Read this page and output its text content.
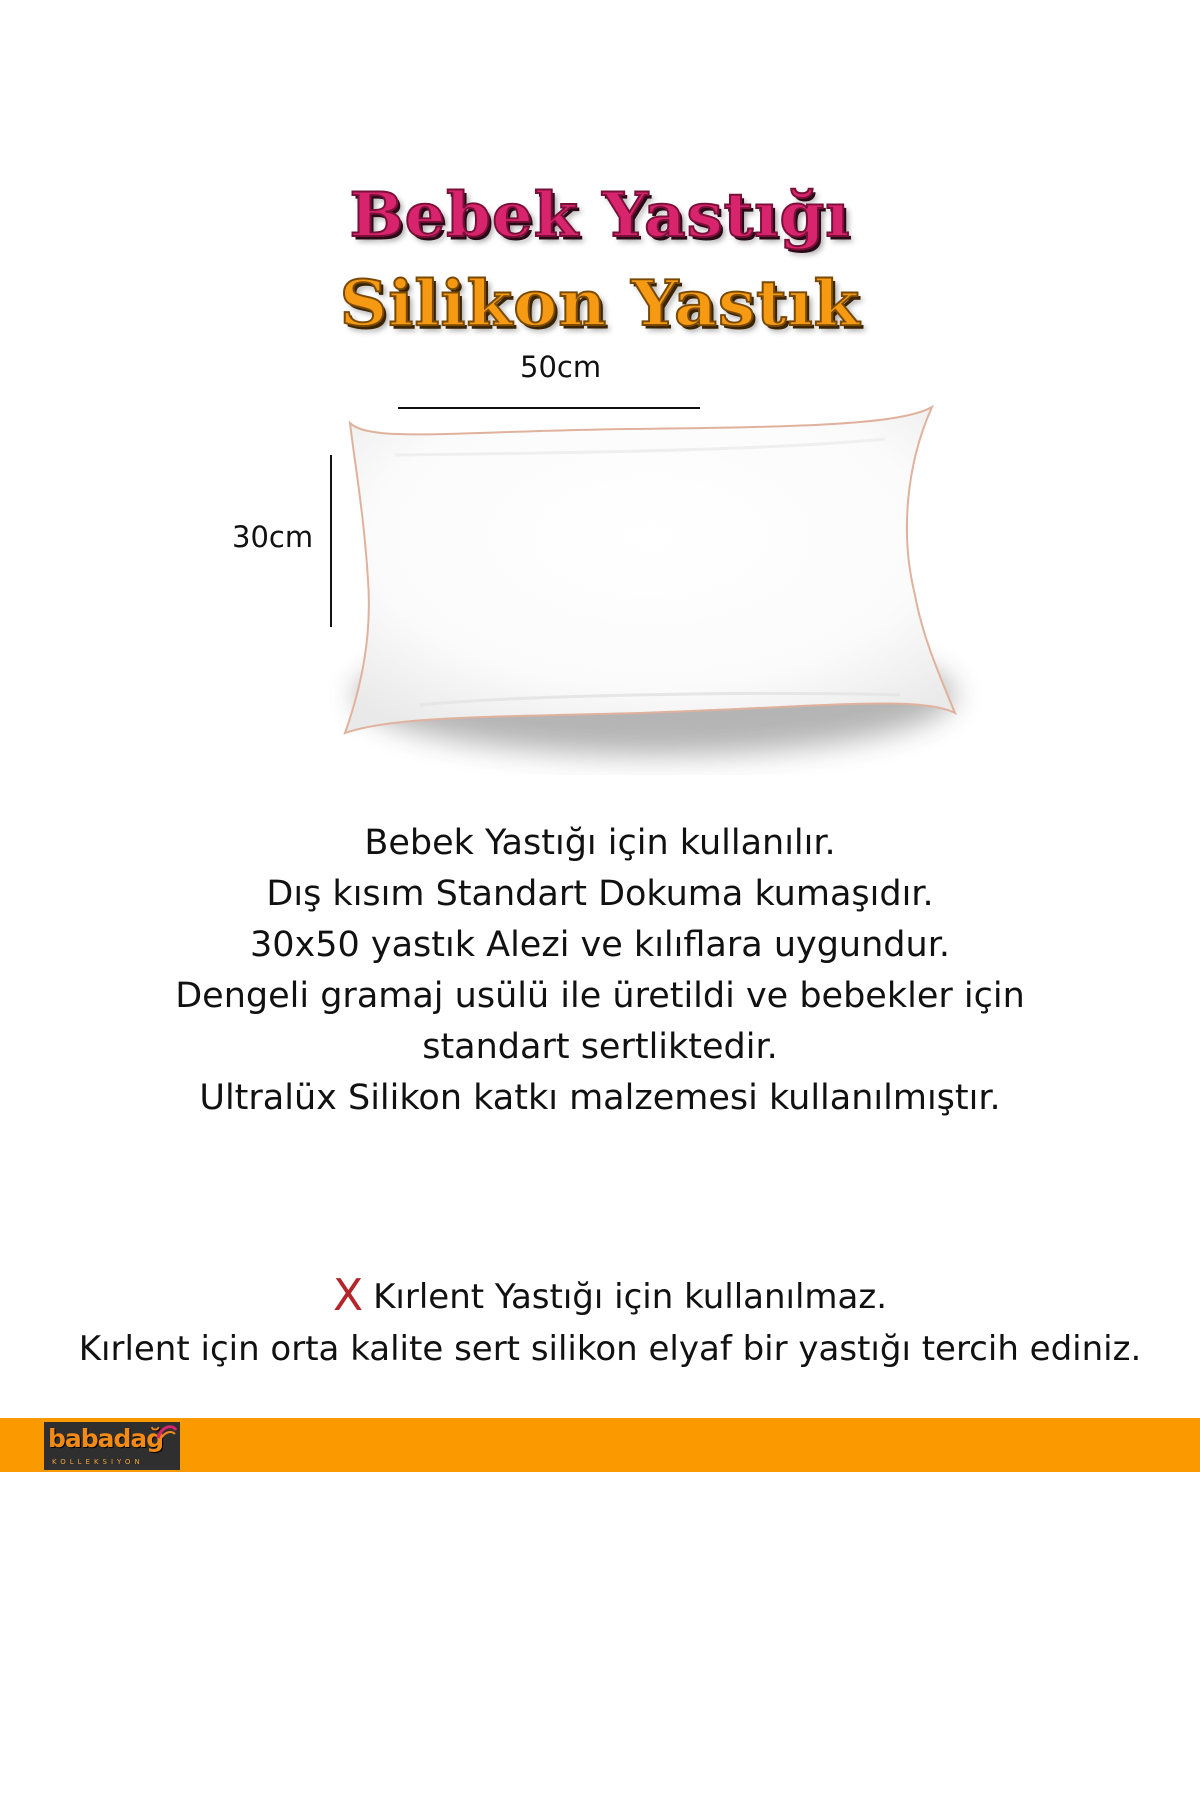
Bebek Yastığı
Silikon Yastık
50cm
30cm

Bebek Yastığı için kullanılır.

Dış kısım Standart Dokuma kumaşıdır.

30x50 yastık Alezi ve kılıflara uygundur.

Dengeli gramaj usülü ile üretildi ve bebekler için

standart sertliktedir.

Ultralüx Silikon katkı malzemesi kullanılmıştır.

X Kırlent Yastığı için kullanılmaz.

Kırlent için orta kalite sert silikon elyaf bir yastığı tercih ediniz.

babadağ
KOLLEKSIYON
